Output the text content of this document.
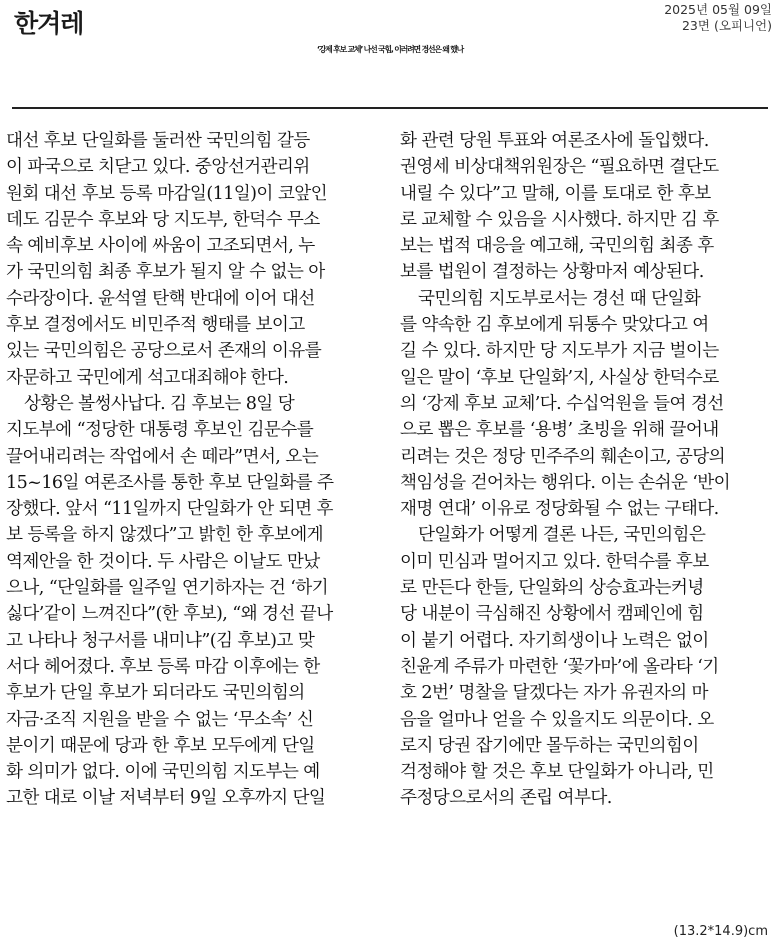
한겨레	2025년 05월 09일
23면 (오피니언)
‘강제 후보 교체’ 나선 국힘, 이러려면 경선은 왜 했나
대선 후보 단일화를 둘러싼 국민의힘 갈등
이 파국으로 치닫고 있다. 중앙선거관리위
원회 대선 후보 등록 마감일(11일)이 코앞인
데도 김문수 후보와 당 지도부, 한덕수 무소
속 예비후보 사이에 싸움이 고조되면서, 누
가 국민의힘 최종 후보가 될지 알 수 없는 아
수라장이다. 윤석열 탄핵 반대에 이어 대선
후보 결정에서도 비민주적 행태를 보이고
있는 국민의힘은 공당으로서 존재의 이유를
자문하고 국민에게 석고대죄해야 한다.
상황은 볼썽사납다. 김 후보는 8일 당
지도부에 “정당한 대통령 후보인 김문수를
끌어내리려는 작업에서 손 떼라”면서, 오는
15~16일 여론조사를 통한 후보 단일화를 주
장했다. 앞서 “11일까지 단일화가 안 되면 후
보 등록을 하지 않겠다”고 밝힌 한 후보에게
역제안을 한 것이다. 두 사람은 이날도 만났
으나, “단일화를 일주일 연기하자는 건 ‘하기
싫다’같이 느껴진다”(한 후보), “왜 경선 끝나
고 나타나 청구서를 내미냐”(김 후보)고 맞
서다 헤어졌다. 후보 등록 마감 이후에는 한
후보가 단일 후보가 되더라도 국민의힘의
자금·조직 지원을 받을 수 없는 ‘무소속’ 신
분이기 때문에 당과 한 후보 모두에게 단일
화 의미가 없다. 이에 국민의힘 지도부는 예
고한 대로 이날 저녁부터 9일 오후까지 단일
화 관련 당원 투표와 여론조사에 돌입했다.
권영세 비상대책위원장은 “필요하면 결단도
내릴 수 있다”고 말해, 이를 토대로 한 후보
로 교체할 수 있음을 시사했다. 하지만 김 후
보는 법적 대응을 예고해, 국민의힘 최종 후
보를 법원이 결정하는 상황마저 예상된다.
국민의힘 지도부로서는 경선 때 단일화
를 약속한 김 후보에게 뒤통수 맞았다고 여
길 수 있다. 하지만 당 지도부가 지금 벌이는
일은 말이 ‘후보 단일화’지, 사실상 한덕수로
의 ‘강제 후보 교체’다. 수십억원을 들여 경선
으로 뽑은 후보를 ‘용병’ 초빙을 위해 끌어내
리려는 것은 정당 민주주의 훼손이고, 공당의
책임성을 걷어차는 행위다. 이는 손쉬운 ‘반이
재명 연대’ 이유로 정당화될 수 없는 구태다.
단일화가 어떻게 결론 나든, 국민의힘은
이미 민심과 멀어지고 있다. 한덕수를 후보
로 만든다 한들, 단일화의 상승효과는커녕
당 내분이 극심해진 상황에서 캠페인에 힘
이 붙기 어렵다. 자기희생이나 노력은 없이
친윤계 주류가 마련한 ‘꽃가마’에 올라타 ‘기
호 2번’ 명찰을 달겠다는 자가 유권자의 마
음을 얼마나 얻을 수 있을지도 의문이다. 오
로지 당권 잡기에만 몰두하는 국민의힘이
걱정해야 할 것은 후보 단일화가 아니라, 민
주정당으로서의 존립 여부다.
(13.2*14.9)cm
